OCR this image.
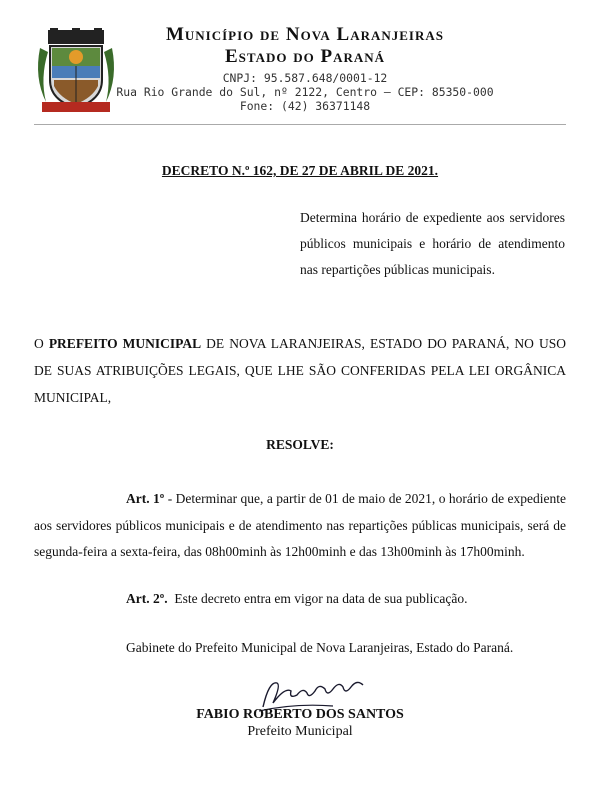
Município de Nova Laranjeiras
Estado do Paraná
CNPJ: 95.587.648/0001-12
Rua Rio Grande do Sul, nº 2122, Centro – CEP: 85350-000
Fone: (42) 36371148
DECRETO N.º 162, DE 27 DE ABRIL DE 2021.
Determina horário de expediente aos servidores públicos municipais e horário de atendimento nas repartições públicas municipais.
O PREFEITO MUNICIPAL DE NOVA LARANJEIRAS, ESTADO DO PARANÁ, NO USO DE SUAS ATRIBUIÇÕES LEGAIS, QUE LHE SÃO CONFERIDAS PELA LEI ORGÂNICA MUNICIPAL,
RESOLVE:
Art. 1º - Determinar que, a partir de 01 de maio de 2021, o horário de expediente aos servidores públicos municipais e de atendimento nas repartições públicas municipais, será de segunda-feira a sexta-feira, das 08h00minh às 12h00minh e das 13h00minh às 17h00minh.
Art. 2º.  Este decreto entra em vigor na data de sua publicação.
Gabinete do Prefeito Municipal de Nova Laranjeiras, Estado do Paraná.
FABIO ROBERTO DOS SANTOS
Prefeito Municipal
